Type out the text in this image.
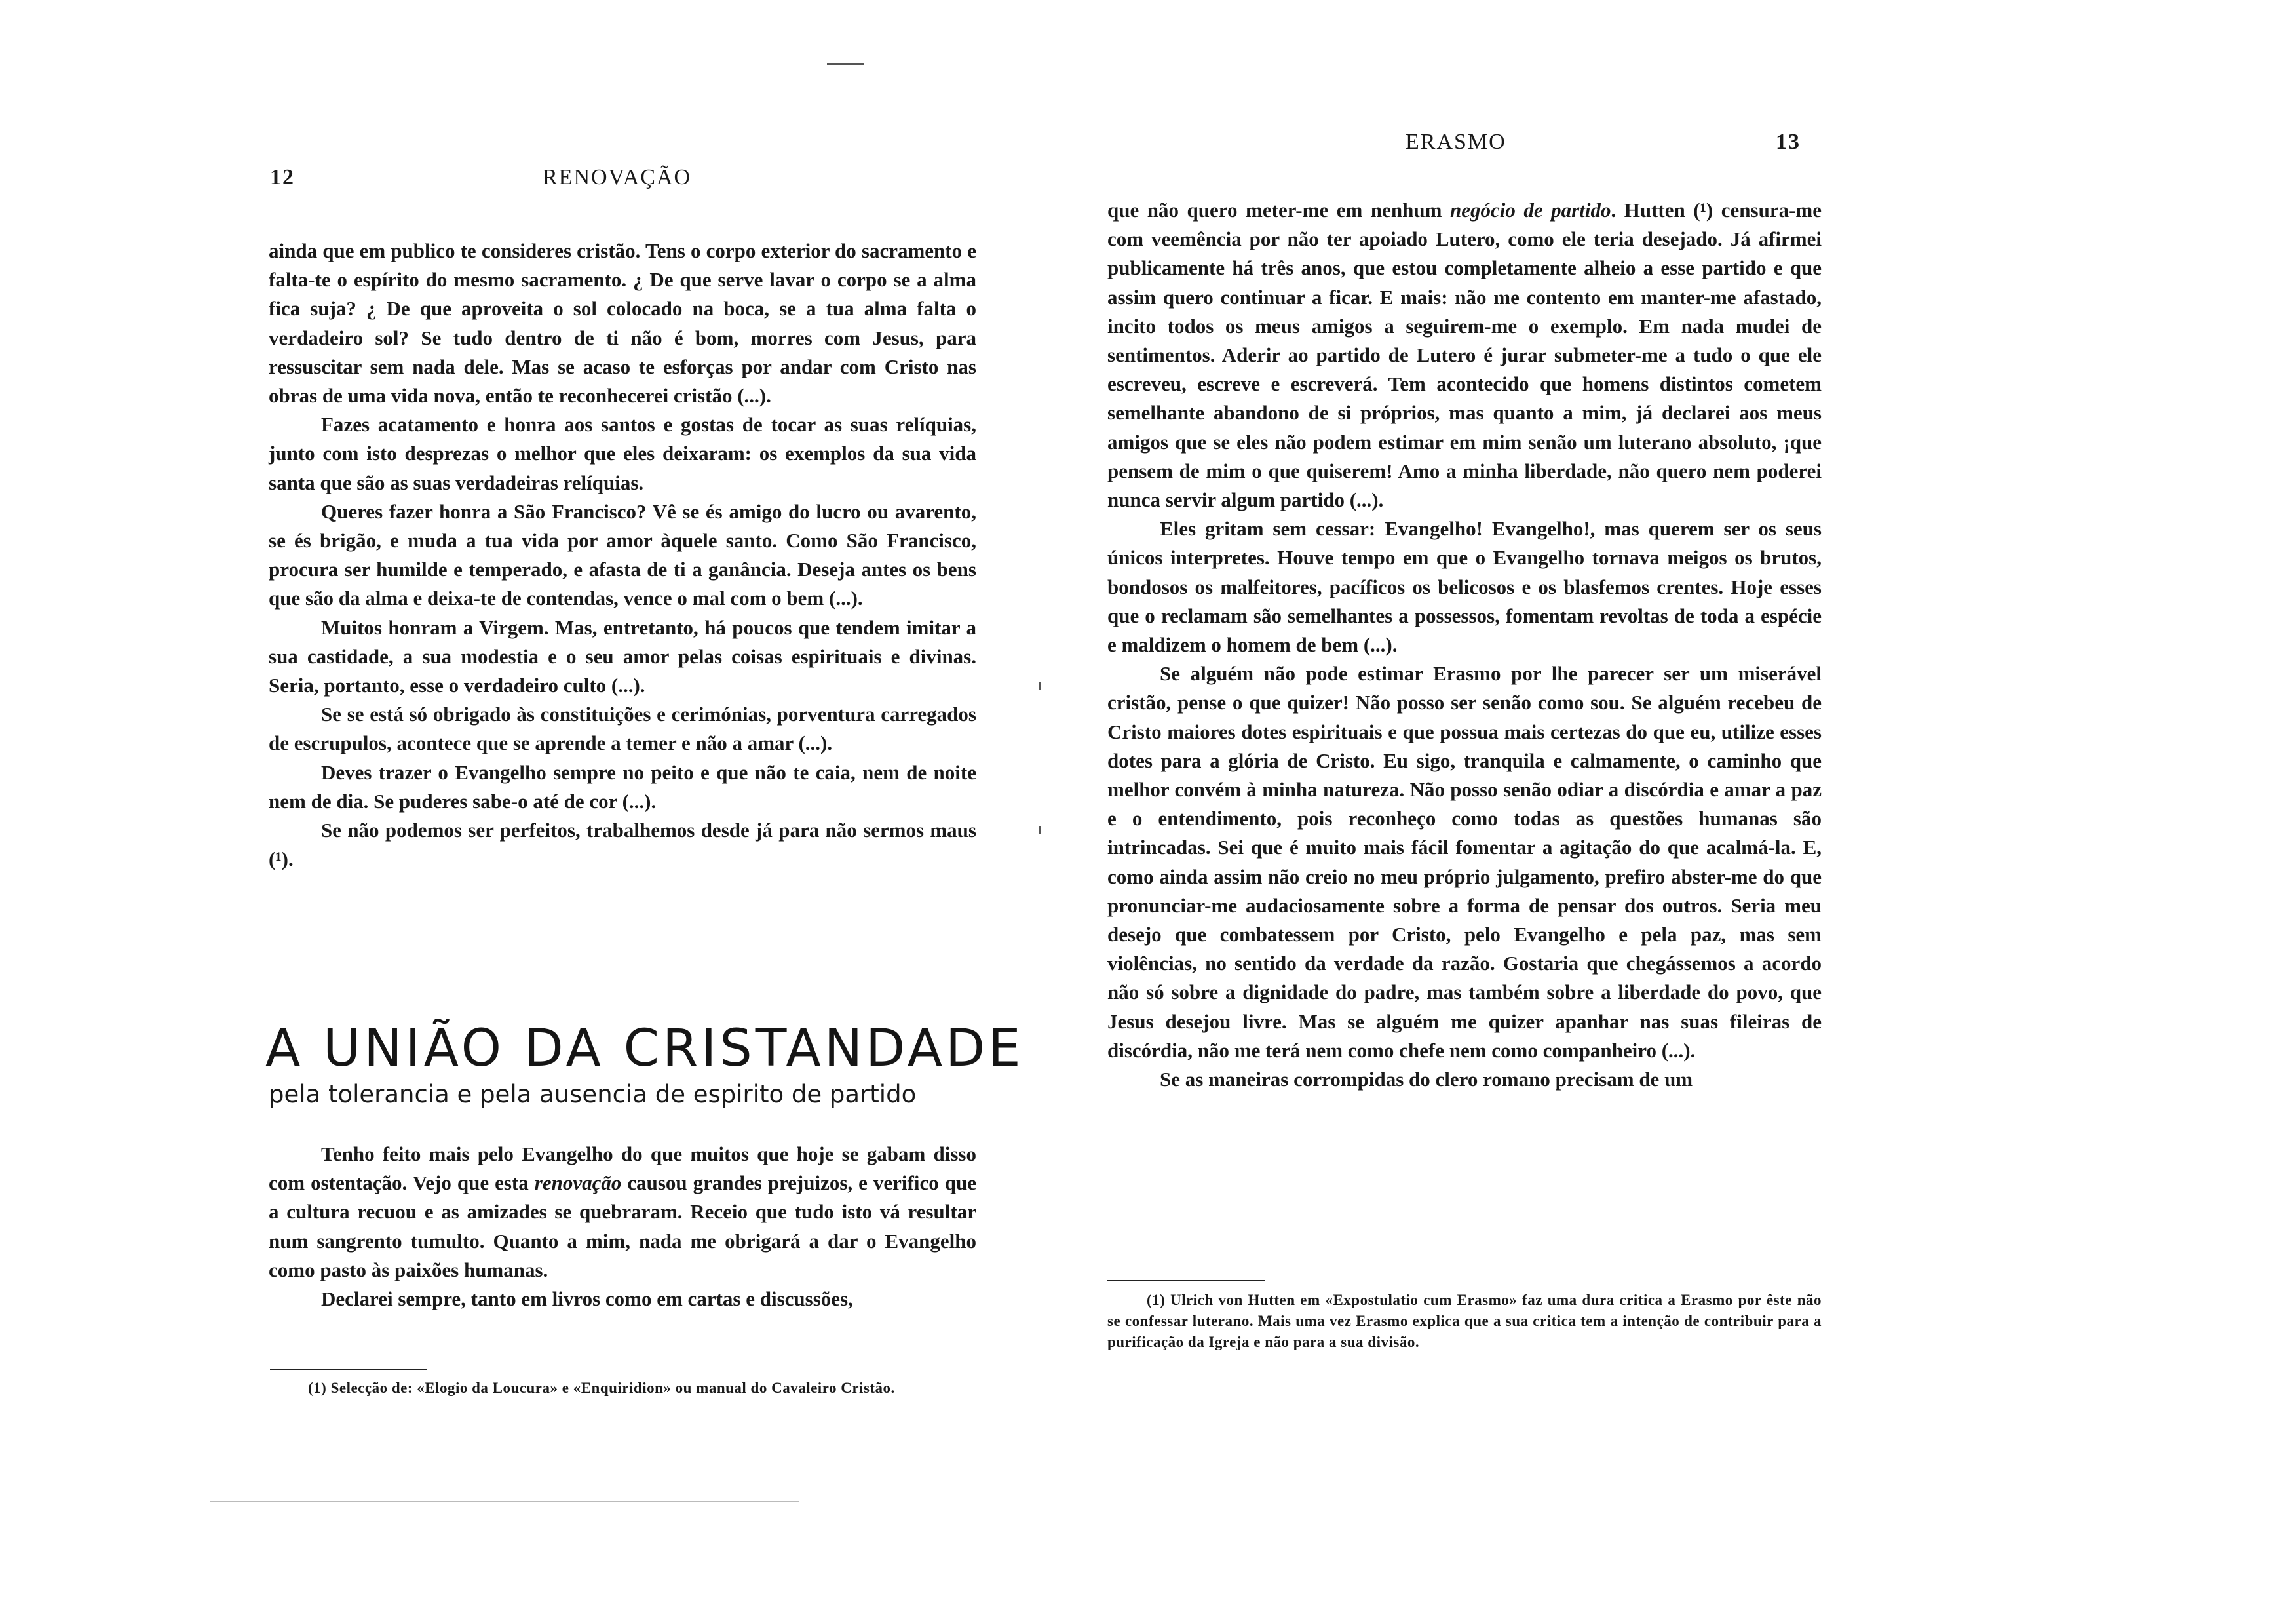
12	RENOVAÇÃO

ainda que em publico te consideres cristão. Tens o corpo exterior do sacramento e falta-te o espírito do mesmo sacramento. ¿ De que serve lavar o corpo se a alma fica suja? ¿ De que aproveita o sol colocado na boca, se a tua alma falta o verdadeiro sol? Se tudo dentro de ti não é bom, morres com Jesus, para ressuscitar sem nada dele. Mas se acaso te esforças por andar com Cristo nas obras de uma vida nova, então te reconhecerei cristão (...).

Fazes acatamento e honra aos santos e gostas de tocar as suas relíquias, junto com isto desprezas o melhor que eles deixaram: os exemplos da sua vida santa que são as suas verdadeiras relíquias.

Queres fazer honra a São Francisco? Vê se és amigo do lucro ou avarento, se és brigão, e muda a tua vida por amor àquele santo. Como São Francisco, procura ser humilde e temperado, e afasta de ti a ganância. Deseja antes os bens que são da alma e deixa-te de contendas, vence o mal com o bem (...).

Muitos honram a Virgem. Mas, entretanto, há poucos que tendem imitar a sua castidade, a sua modestia e o seu amor pelas coisas espirituais e divinas. Seria, portanto, esse o verdadeiro culto (...).

Se se está só obrigado às constituições e cerimónias, porventura carregados de escrupulos, acontece que se aprende a temer e não a amar (...).

Deves trazer o Evangelho sempre no peito e que não te caia, nem de noite nem de dia. Se puderes sabe-o até de cor (...).

Se não podemos ser perfeitos, trabalhemos desde já para não sermos maus (¹).

A UNIÃO DA CRISTANDADE
pela tolerancia e pela ausencia de espirito de partido

Tenho feito mais pelo Evangelho do que muitos que hoje se gabam disso com ostentação. Vejo que esta renovação causou grandes prejuizos, e verifico que a cultura recuou e as amizades se quebraram. Receio que tudo isto vá resultar num sangrento tumulto. Quanto a mim, nada me obrigará a dar o Evangelho como pasto às paixões humanas.

Declarei sempre, tanto em livros como em cartas e discussões,

(1) Selecção de: «Elogio da Loucura» e «Enquiridion» ou manual do Cavaleiro Cristão.

ERASMO	13

que não quero meter-me em nenhum negócio de partido. Hutten (¹) censura-me com veemência por não ter apoiado Lutero, como ele teria desejado. Já afirmei publicamente há três anos, que estou completamente alheio a esse partido e que assim quero continuar a ficar. E mais: não me contento em manter-me afastado, incito todos os meus amigos a seguirem-me o exemplo. Em nada mudei de sentimentos. Aderir ao partido de Lutero é jurar submeter-me a tudo o que ele escreveu, escreve e escreverá. Tem acontecido que homens distintos cometem semelhante abandono de si próprios, mas quanto a mim, já declarei aos meus amigos que se eles não podem estimar em mim senão um luterano absoluto, ¡que pensem de mim o que quiserem! Amo a minha liberdade, não quero nem poderei nunca servir algum partido (...).

Eles gritam sem cessar: Evangelho! Evangelho!, mas querem ser os seus únicos interpretes. Houve tempo em que o Evangelho tornava meigos os brutos, bondosos os malfeitores, pacíficos os belicosos e os blasfemos crentes. Hoje esses que o reclamam são semelhantes a possessos, fomentam revoltas de toda a espécie e maldizem o homem de bem (...).

Se alguém não pode estimar Erasmo por lhe parecer ser um miserável cristão, pense o que quizer! Não posso ser senão como sou. Se alguém recebeu de Cristo maiores dotes espirituais e que possua mais certezas do que eu, utilize esses dotes para a glória de Cristo. Eu sigo, tranquila e calmamente, o caminho que melhor convém à minha natureza. Não posso senão odiar a discórdia e amar a paz e o entendimento, pois reconheço como todas as questões humanas são intrincadas. Sei que é muito mais fácil fomentar a agitação do que acalmá-la. E, como ainda assim não creio no meu próprio julgamento, prefiro abster-me do que pronunciar-me audaciosamente sobre a forma de pensar dos outros. Seria meu desejo que combatessem por Cristo, pelo Evangelho e pela paz, mas sem violências, no sentido da verdade da razão. Gostaria que chegássemos a acordo não só sobre a dignidade do padre, mas também sobre a liberdade do povo, que Jesus desejou livre. Mas se alguém me quizer apanhar nas suas fileiras de discórdia, não me terá nem como chefe nem como companheiro (...).

Se as maneiras corrompidas do clero romano precisam de um

(1) Ulrich von Hutten em «Expostulatio cum Erasmo» faz uma dura critica a Erasmo por êste não se confessar luterano. Mais uma vez Erasmo explica que a sua critica tem a intenção de contribuir para a purificação da Igreja e não para a sua divisão.
